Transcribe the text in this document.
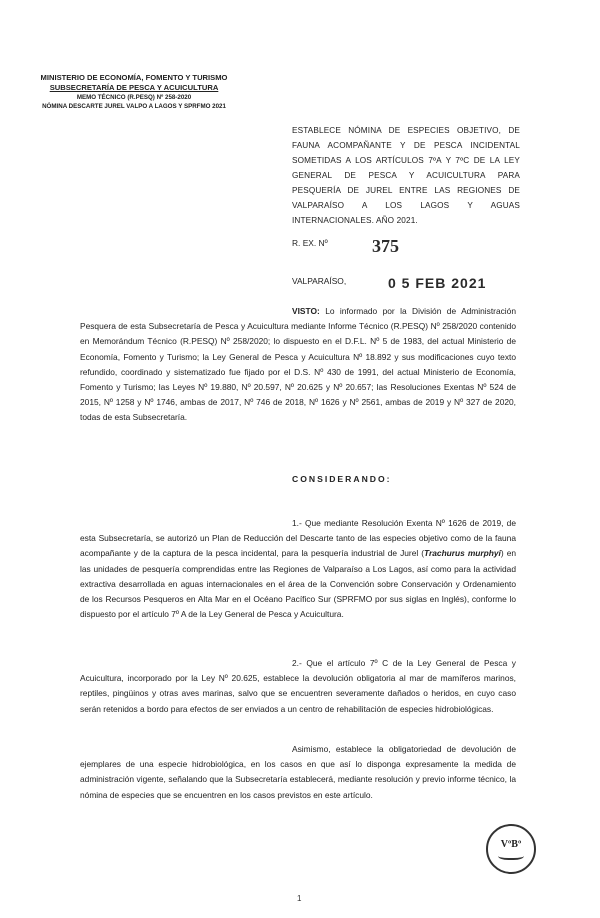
MINISTERIO DE ECONOMÍA, FOMENTO Y TURISMO
SUBSECRETARÍA DE PESCA Y ACUICULTURA
MEMO TÉCNICO (R.PESQ) Nº 258-2020
NÓMINA DESCARTE JUREL VALPO A LAGOS Y SPRFMO 2021
ESTABLECE NÓMINA DE ESPECIES OBJETIVO, DE FAUNA ACOMPAÑANTE Y DE PESCA INCIDENTAL SOMETIDAS A LOS ARTÍCULOS 7ºA Y 7ºC DE LA LEY GENERAL DE PESCA Y ACUICULTURA PARA PESQUERÍA DE JUREL ENTRE LAS REGIONES DE VALPARAÍSO A LOS LAGOS Y AGUAS INTERNACIONALES. AÑO 2021.
R. EX. Nº 375
VALPARAÍSO,	0 5 FEB 2021
VISTO: Lo informado por la División de Administración Pesquera de esta Subsecretaría de Pesca y Acuicultura mediante Informe Técnico (R.PESQ) Nº 258/2020 contenido en Memorándum Técnico (R.PESQ) Nº 258/2020; lo dispuesto en el D.F.L. Nº 5 de 1983, del actual Ministerio de Economía, Fomento y Turismo; la Ley General de Pesca y Acuicultura Nº 18.892 y sus modificaciones cuyo texto refundido, coordinado y sistematizado fue fijado por el D.S. Nº 430 de 1991, del actual Ministerio de Economía, Fomento y Turismo; las Leyes Nº 19.880, Nº 20.597, Nº 20.625 y Nº 20.657; las Resoluciones Exentas Nº 524 de 2015, Nº 1258 y Nº 1746, ambas de 2017, Nº 746 de 2018, Nº 1626 y Nº 2561, ambas de 2019 y Nº 327 de 2020, todas de esta Subsecretaría.
CONSIDERANDO:
1.- Que mediante Resolución Exenta Nº 1626 de 2019, de esta Subsecretaría, se autorizó un Plan de Reducción del Descarte tanto de las especies objetivo como de la fauna acompañante y de la captura de la pesca incidental, para la pesquería industrial de Jurel (Trachurus murphyi) en las unidades de pesquería comprendidas entre las Regiones de Valparaíso a Los Lagos, así como para la actividad extractiva desarrollada en aguas internacionales en el área de la Convención sobre Conservación y Ordenamiento de los Recursos Pesqueros en Alta Mar en el Océano Pacífico Sur (SPRFMO por sus siglas en Inglés), conforme lo dispuesto por el artículo 7º A de la Ley General de Pesca y Acuicultura.
2.- Que el artículo 7º C de la Ley General de Pesca y Acuicultura, incorporado por la Ley Nº 20.625, establece la devolución obligatoria al mar de mamíferos marinos, reptiles, pingüinos y otras aves marinas, salvo que se encuentren severamente dañados o heridos, en cuyo caso serán retenidos a bordo para efectos de ser enviados a un centro de rehabilitación de especies hidrobiológicas.
Asimismo, establece la obligatoriedad de devolución de ejemplares de una especie hidrobiológica, en los casos en que así lo disponga expresamente la medida de administración vigente, señalando que la Subsecretaría establecerá, mediante resolución y previo informe técnico, la nómina de especies que se encuentren en los casos previstos en este artículo.
VºBº
1
